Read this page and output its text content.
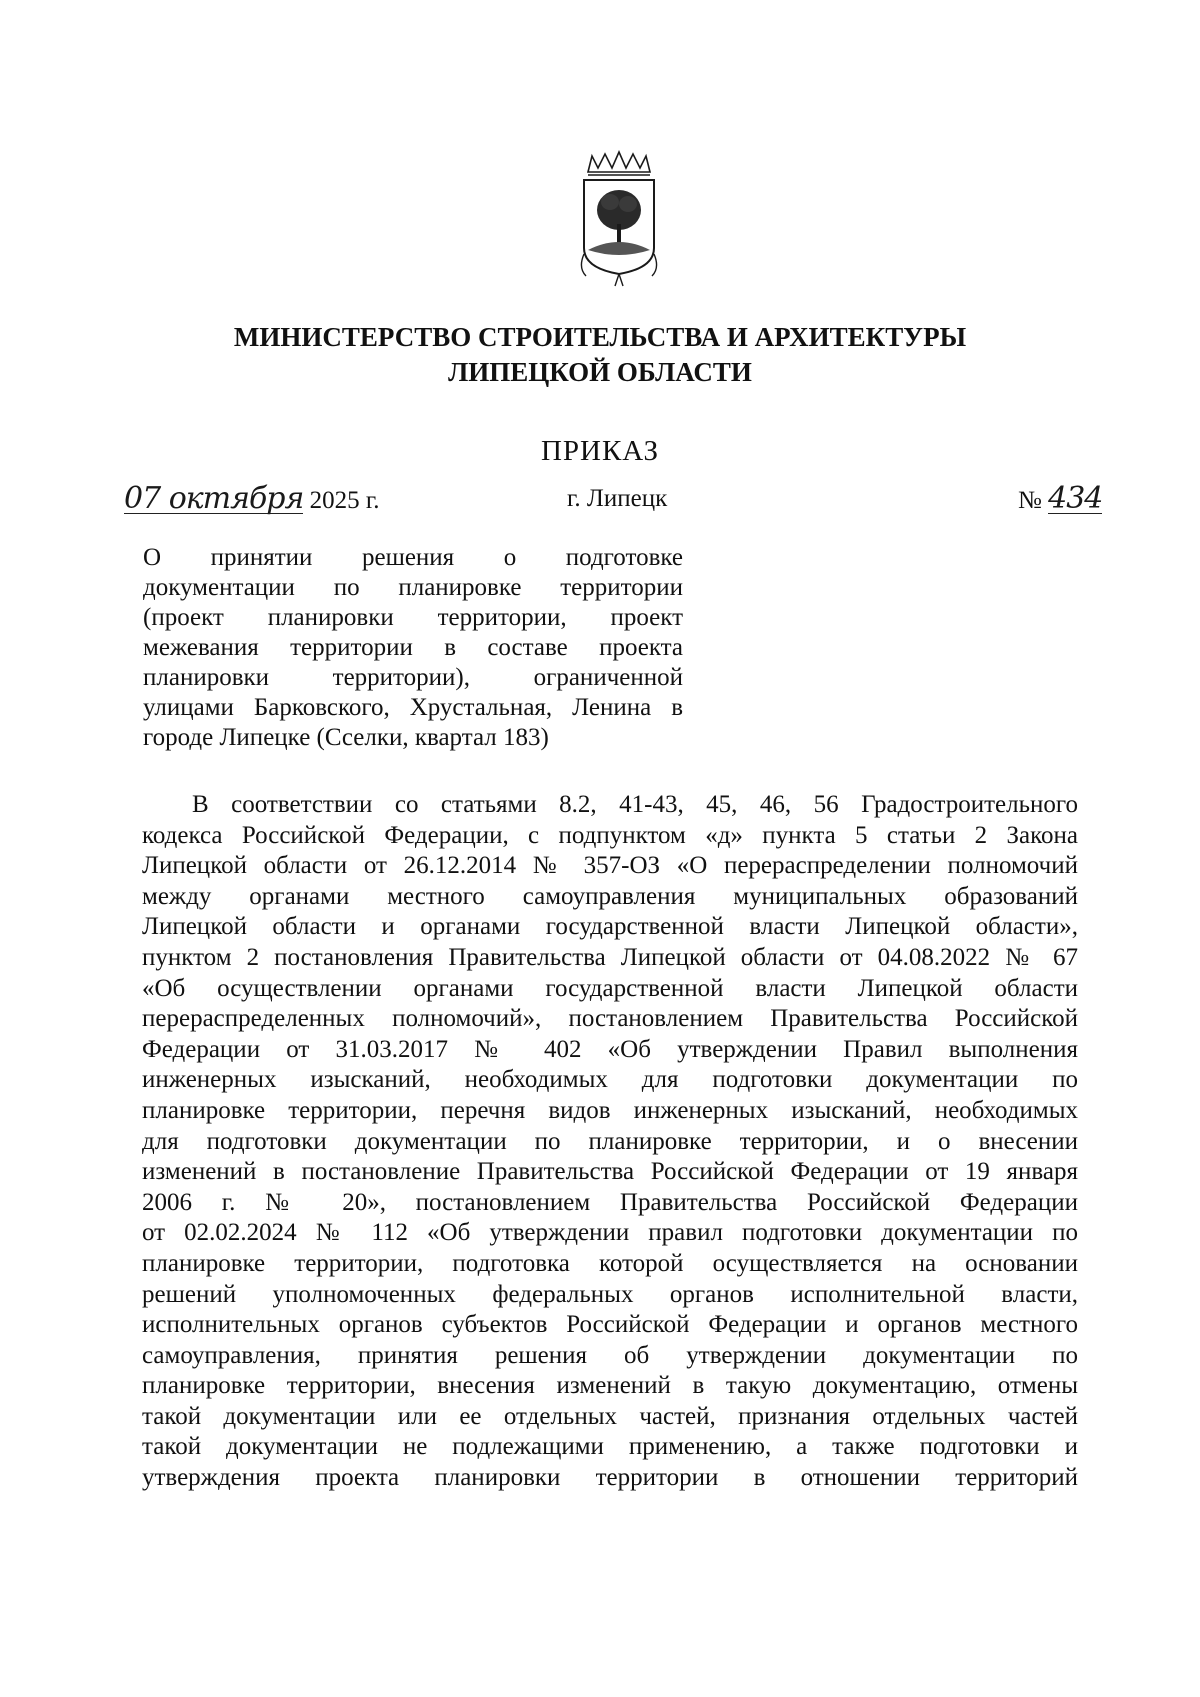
МИНИСТЕРСТВО СТРОИТЕЛЬСТВА И АРХИТЕКТУРЫ
ЛИПЕЦКОЙ ОБЛАСТИ
ПРИКАЗ
07 октября 2025 г.	г. Липецк	№ 434
О принятии решения о подготовке
документации по планировке территории
(проект планировки территории, проект
межевания территории в составе проекта
планировки территории), ограниченной
улицами Барковского, Хрустальная, Ленина в
городе Липецке (Сселки, квартал 183)
В соответствии со статьями 8.2, 41-43, 45, 46, 56 Градостроительного
кодекса Российской Федерации, с подпунктом «д» пункта 5 статьи 2 Закона
Липецкой области от 26.12.2014 № 357-ОЗ «О перераспределении полномочий
между органами местного самоуправления муниципальных образований
Липецкой области и органами государственной власти Липецкой области»,
пунктом 2 постановления Правительства Липецкой области от 04.08.2022 № 67
«Об осуществлении органами государственной власти Липецкой области
перераспределенных полномочий», постановлением Правительства Российской
Федерации от 31.03.2017 № 402 «Об утверждении Правил выполнения
инженерных изысканий, необходимых для подготовки документации по
планировке территории, перечня видов инженерных изысканий, необходимых
для подготовки документации по планировке территории, и о внесении
изменений в постановление Правительства Российской Федерации от 19 января
2006 г. № 20», постановлением Правительства Российской Федерации
от 02.02.2024 № 112 «Об утверждении правил подготовки документации по
планировке территории, подготовка которой осуществляется на основании
решений уполномоченных федеральных органов исполнительной власти,
исполнительных органов субъектов Российской Федерации и органов местного
самоуправления, принятия решения об утверждении документации по
планировке территории, внесения изменений в такую документацию, отмены
такой документации или ее отдельных частей, признания отдельных частей
такой документации не подлежащими применению, а также подготовки и
утверждения проекта планировки территории в отношении территорий
